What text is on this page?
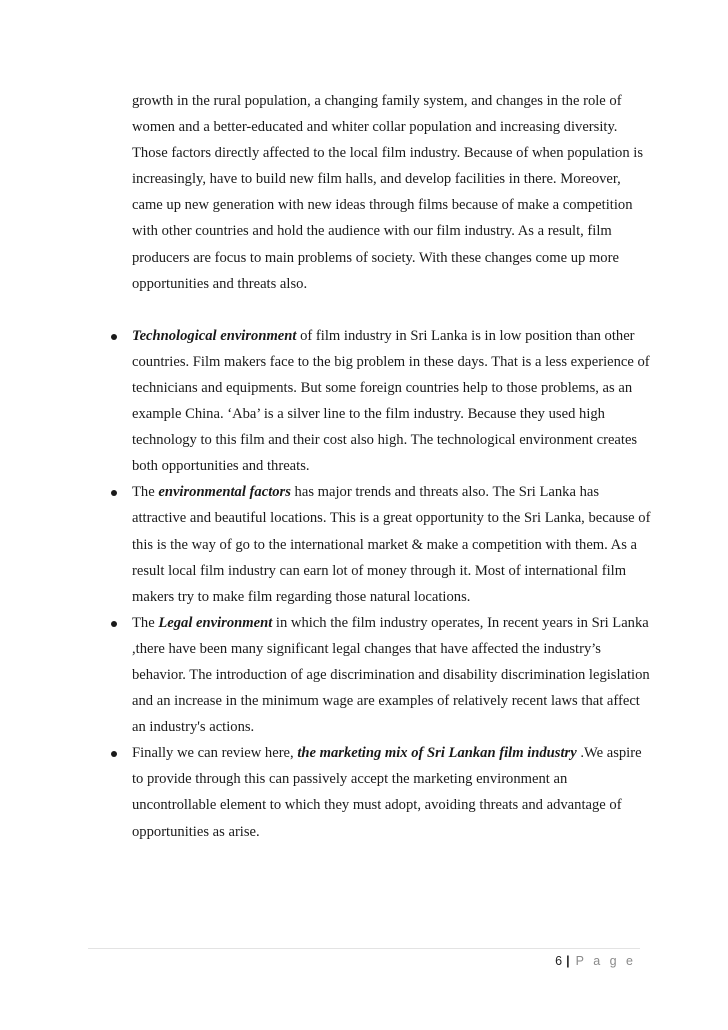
growth in the rural population, a changing family system, and changes in the role of women and a better-educated and whiter collar population and increasing diversity. Those factors directly affected to the local film industry. Because of when population is increasingly, have to build new film halls, and develop facilities in there. Moreover, came up new generation with new ideas through films because of make a competition with other countries and hold the audience with our film industry. As a result, film producers are focus to main problems of society. With these changes come up more opportunities and threats also.

Technological environment of film industry in Sri Lanka is in low position than other countries. Film makers face to the big problem in these days. That is a less experience of technicians and equipments. But some foreign countries help to those problems, as an example China. ‘Aba’ is a silver line to the film industry. Because they used high technology to this film and their cost also high. The technological environment creates both opportunities and threats.
The environmental factors has major trends and threats also. The Sri Lanka has attractive and beautiful locations. This is a great opportunity to the Sri Lanka, because of this is the way of go to the international market & make a competition with them. As a result local film industry can earn lot of money through it. Most of international film makers try to make film regarding those natural locations.
The Legal environment in which the film industry operates, In recent years in Sri Lanka ,there have been many significant legal changes that have affected the industry’s behavior. The introduction of age discrimination and disability discrimination legislation and an increase in the minimum wage are examples of relatively recent laws that affect an industry's actions.
Finally we can review here, the marketing mix of Sri Lankan film industry .We aspire to provide through this can passively accept the marketing environment an uncontrollable element to which they must adopt, avoiding threats and advantage of opportunities as arise.
6 | P a g e
